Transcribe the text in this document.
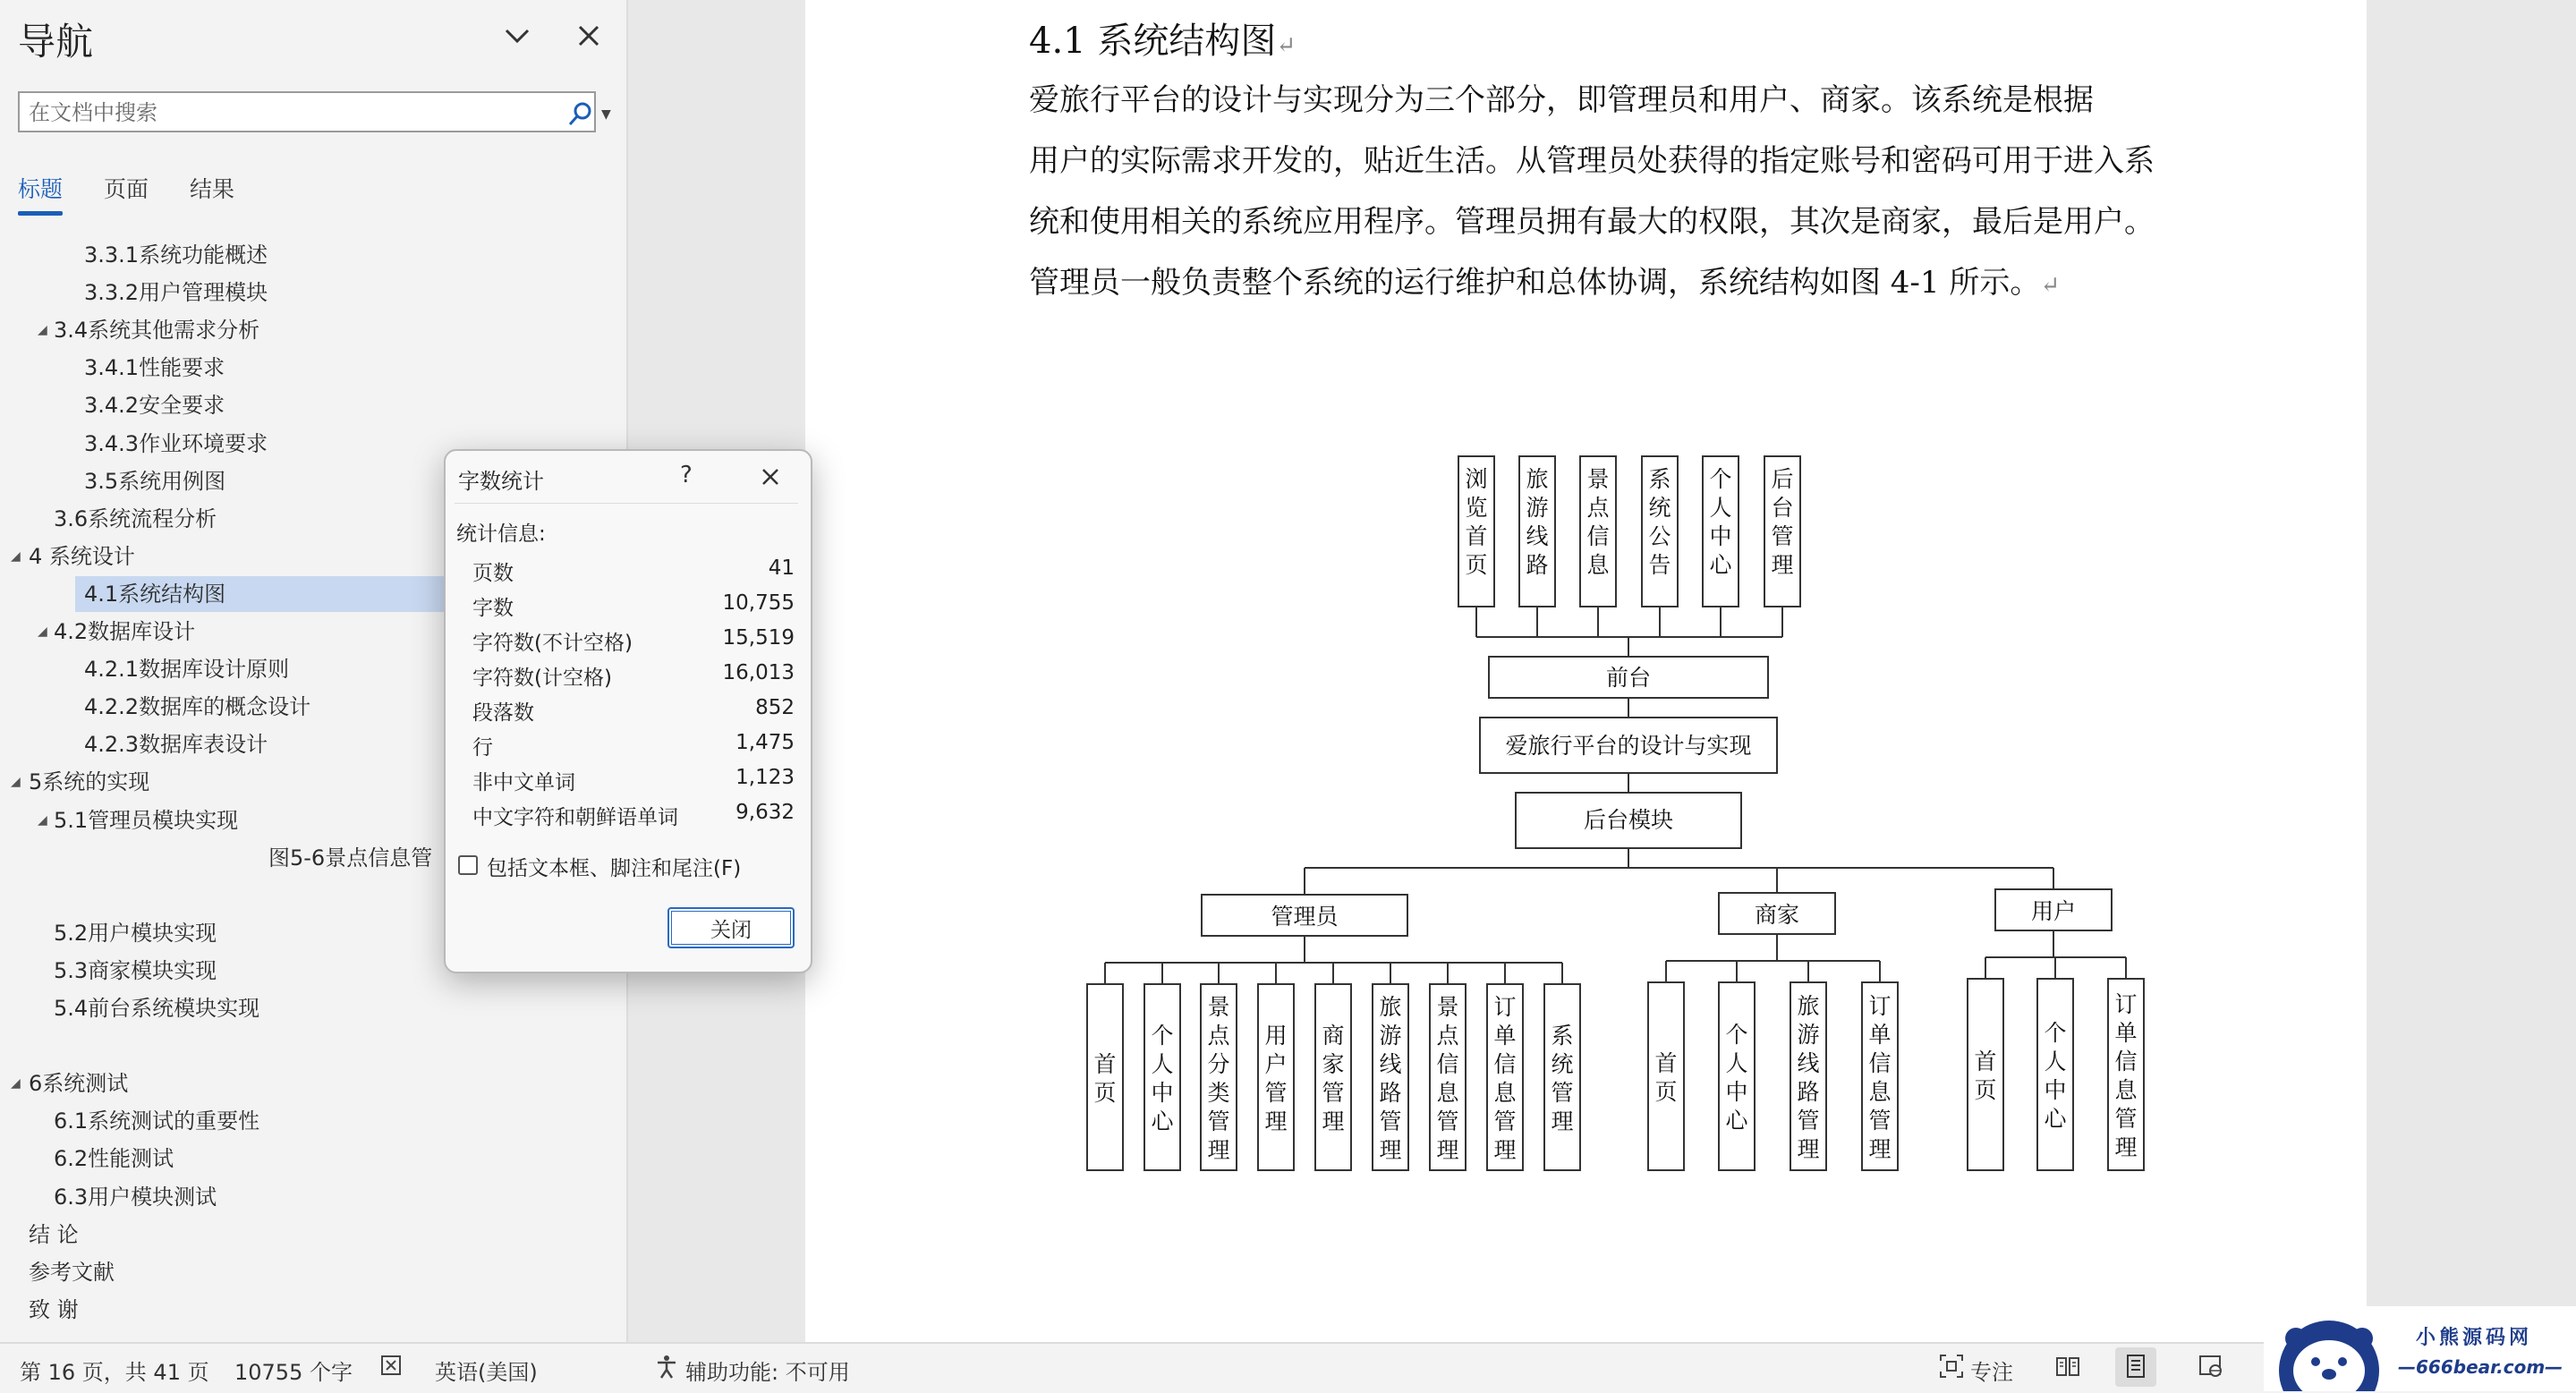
导航
在文档中搜索
▼
标题 页面 结果
3.3.1系统功能概述
3.3.2用户管理模块
3.4系统其他需求分析
◢
3.4.1性能要求
3.4.2安全要求
3.4.3作业环境要求
3.5系统用例图
3.6系统流程分析
4 系统设计
◢
4.1系统结构图
4.2数据库设计
◢
4.2.1数据库设计原则
4.2.2数据库的概念设计
4.2.3数据库表设计
5系统的实现
◢
5.1管理员模块实现
◢
图5-6景点信息管
5.2用户模块实现
5.3商家模块实现
5.4前台系统模块实现
6系统测试
◢
6.1系统测试的重要性
6.2性能测试
6.3用户模块测试
结 论
参考文献
致 谢
4.1 系统结构图↵
爱旅行平台的设计与实现分为三个部分，即管理员和用户、商家。该系统是根据
用户的实际需求开发的，贴近生活。从管理员处获得的指定账号和密码可用于进入系
统和使用相关的系统应用程序。管理员拥有最大的权限，其次是商家，最后是用户。
管理员一般负责整个系统的运行维护和总体协调，系统结构如图 4-1 所示。↵
浏
览
首
页
旅
游
线
路
景
点
信
息
系
统
公
告
个
人
中
心
后
台
管
理
前台
爱旅行平台的设计与实现
后台模块
管理员
首
页
个
人
中
心
景
点
分
类
管
理
用
户
管
理
商
家
管
理
旅
游
线
路
管
理
景
点
信
息
管
理
订
单
信
息
管
理
系
统
管
理
商家
首
页
个
人
中
心
旅
游
线
路
管
理
订
单
信
息
管
理
用户
首
页
个
人
中
心
订
单
信
息
管
理
字数统计	?
统计信息:
页数	41
字数	10,755
字符数(不计空格)	15,519
字符数(计空格)	16,013
段落数	852
行	1,475
非中文单词	1,123
中文字符和朝鲜语单词	9,632
包括文本框、脚注和尾注(F)
关闭
第 16 页，共 41 页 10755 个字	英语(美国)	辅助功能: 不可用	专注
小熊源码网
—666bear.com—
